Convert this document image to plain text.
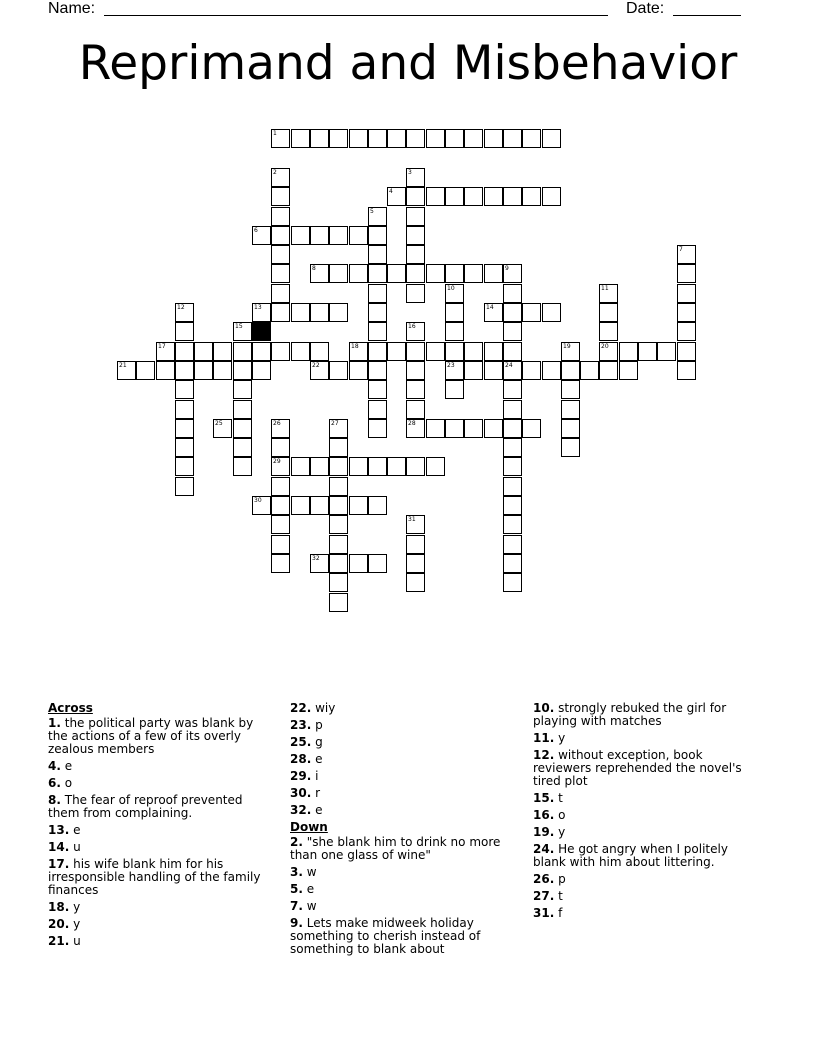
Name:	Date:
Reprimand and Misbehavior
1
2	3
4
5
6
7
8	9
10	11
12	13	14
15	16
17	18	19	20
21	22	23	24
25	26	27	28
29
30
31
32
Across
1. the political party was blank by the actions of a few of its overly zealous members
4. e
6. o
8. The fear of reproof prevented them from complaining.
13. e
14. u
17. his wife blank him for his irresponsible handling of the family finances
18. y
20. y
21. u
22. wiy
23. p
25. g
28. e
29. i
30. r
32. e
Down
2. "she blank him to drink no more than one glass of wine"
3. w
5. e
7. w
9. Lets make midweek holiday something to cherish instead of something to blank about
10. strongly rebuked the girl for playing with matches
11. y
12. without exception, book reviewers reprehended the novel's tired plot
15. t
16. o
19. y
24. He got angry when I politely blank with him about littering.
26. p
27. t
31. f
